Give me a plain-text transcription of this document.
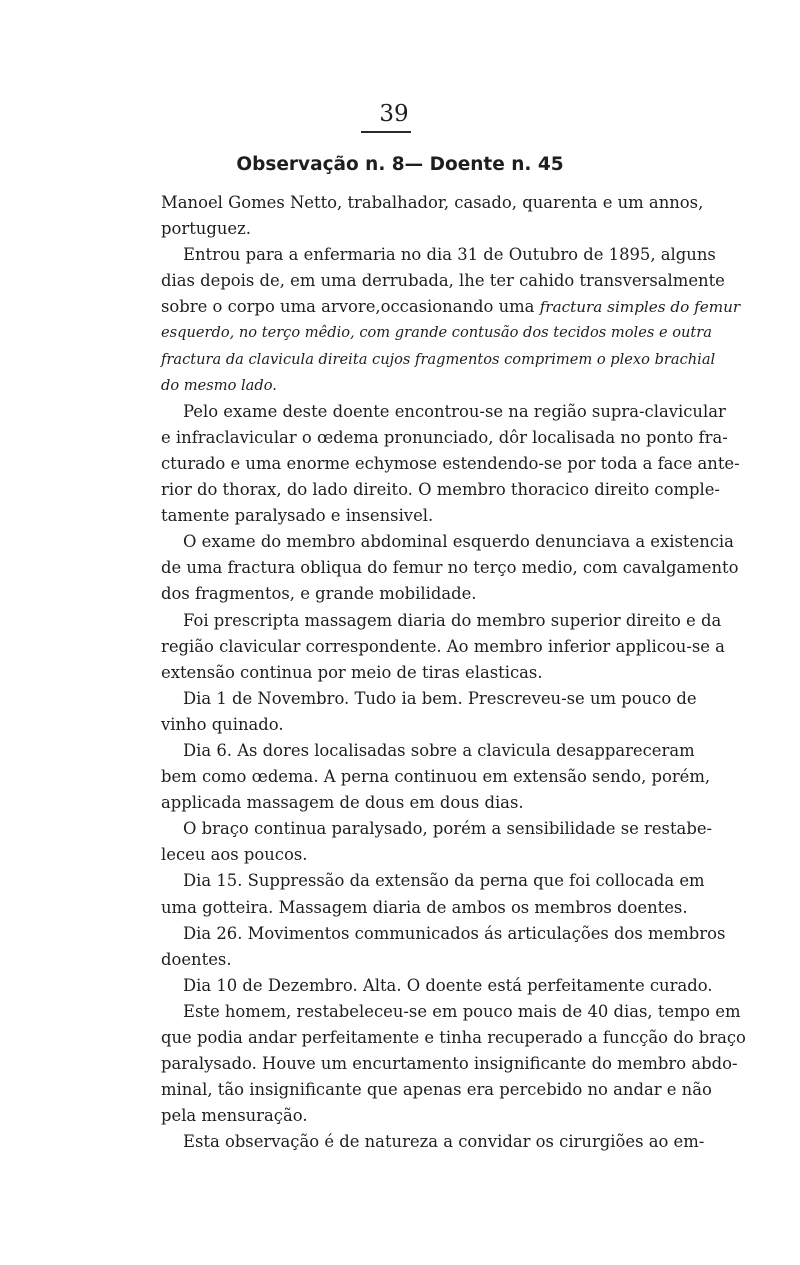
39
Observação n. 8— Doente n. 45
Manoel Gomes Netto, trabalhador, casado, quarenta e um annos,
portuguez.
Entrou para a enfermaria no dia 31 de Outubro de 1895, alguns
dias depois de, em uma derrubada, lhe ter cahido transversalmente
sobre o corpo uma arvore,occasionando uma fractura simples do femur
esquerdo, no terço mêdio, com grande contusão dos tecidos moles e outra
fractura da clavicula direita cujos fragmentos comprimem o plexo brachial
do mesmo lado.
Pelo exame deste doente encontrou-se na região supra-clavicular
e infraclavicular o œdema pronunciado, dôr localisada no ponto fra-
cturado e uma enorme echymose estendendo-se por toda a face ante-
rior do thorax, do lado direito. O membro thoracico direito comple-
tamente paralysado e insensivel.
O exame do membro abdominal esquerdo denunciava a existencia
de uma fractura obliqua do femur no terço medio, com cavalgamento
dos fragmentos, e grande mobilidade.
Foi prescripta massagem diaria do membro superior direito e da
região clavicular correspondente. Ao membro inferior applicou-se a
extensão continua por meio de tiras elasticas.
Dia 1 de Novembro. Tudo ia bem. Prescreveu-se um pouco de
vinho quinado.
Dia 6. As dores localisadas sobre a clavicula desappareceram
bem como œdema. A perna continuou em extensão sendo, porém,
applicada massagem de dous em dous dias.
O braço continua paralysado, porém a sensibilidade se restabe-
leceu aos poucos.
Dia 15. Suppressão da extensão da perna que foi collocada em
uma gotteira. Massagem diaria de ambos os membros doentes.
Dia 26. Movimentos communicados ás articulações dos membros
doentes.
Dia 10 de Dezembro. Alta. O doente está perfeitamente curado.
Este homem, restabeleceu-se em pouco mais de 40 dias, tempo em
que podia andar perfeitamente e tinha recuperado a funcção do braço
paralysado. Houve um encurtamento insignificante do membro abdo-
minal, tão insignificante que apenas era percebido no andar e não
pela mensuração.
Esta observação é de natureza a convidar os cirurgiões ao em-
